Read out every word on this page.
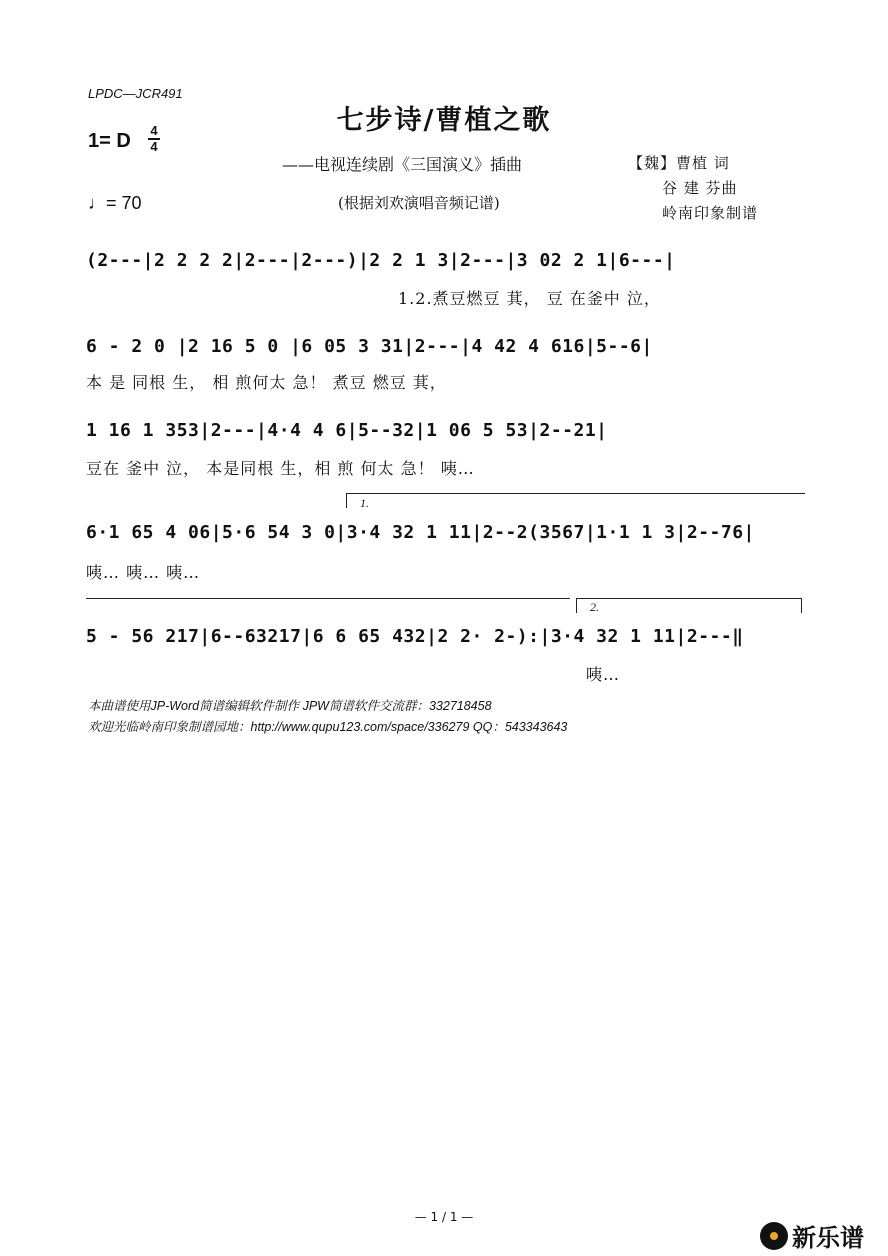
LPDC—JCR491
1= D 4
4
♩= 70
七步诗/曹植之歌
——电视连续剧《三国演义》插曲
(根据刘欢演唱音频记谱)
【魏】曹植 词
谷 建 芬曲
岭南印象制谱
(2---|2 2 2 2|2---|2---)|2 2 1 3|2---|3 02 2 1|6---|
1.2.煮豆燃豆 萁， 豆 在釜中 泣，
6 - 2 0 |2 16 5 0 |6 05 3 31|2---|4 42 4 616|5--6|
本 是 同根 生， 相 煎何太 急！ 煮豆 燃豆 萁，
1 16 1 353|2---|4·4 4 6|5--32|1 06 5 53|2--21|
豆在 釜中 泣， 本是同根 生，相 煎 何太 急！ 咦…
1.
6·1 65 4 06|5·6 54 3 0|3·4 32 1 11|2--2(3567|1·1 1 3|2--76|
咦… 咦… 咦…
2.
5 - 56 217|6--63217|6 6 65 432|2 2· 2-):|3·4 32 1 11|2---‖
咦…
本曲谱使用JP-Word简谱编辑软件制作 JPW简谱软件交流群：332718458
欢迎光临岭南印象制谱园地：http://www.qupu123.com/space/336279 QQ：543343643
— 1 / 1 —
新乐谱
